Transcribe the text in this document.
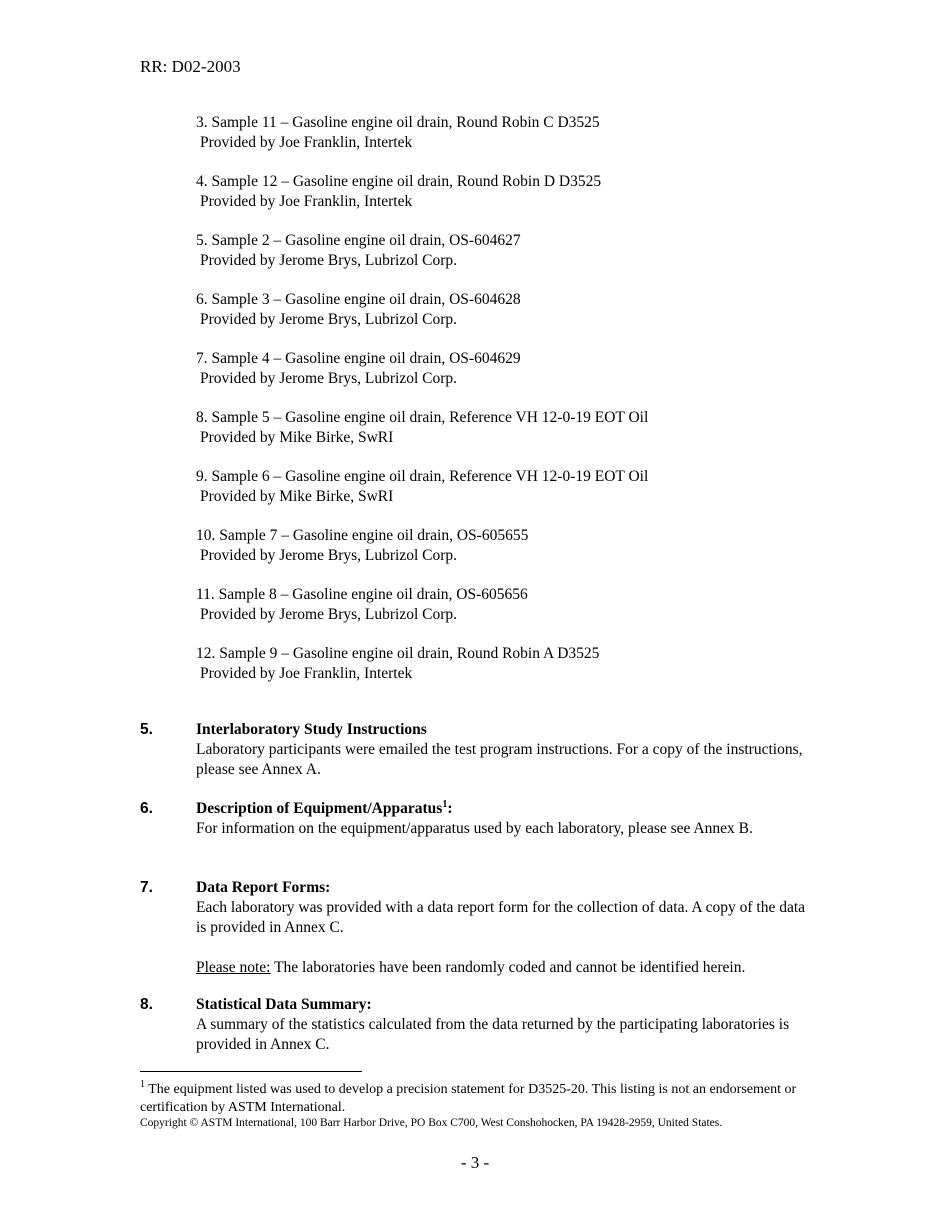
RR: D02-2003
3. Sample 11 – Gasoline engine oil drain, Round Robin C D3525
Provided by Joe Franklin, Intertek
4. Sample 12 – Gasoline engine oil drain, Round Robin D D3525
Provided by Joe Franklin, Intertek
5. Sample 2 – Gasoline engine oil drain, OS-604627
Provided by Jerome Brys, Lubrizol Corp.
6. Sample 3 – Gasoline engine oil drain, OS-604628
Provided by Jerome Brys, Lubrizol Corp.
7. Sample 4 – Gasoline engine oil drain, OS-604629
Provided by Jerome Brys, Lubrizol Corp.
8. Sample 5 – Gasoline engine oil drain, Reference VH 12-0-19 EOT Oil
Provided by Mike Birke, SwRI
9. Sample 6 – Gasoline engine oil drain, Reference VH 12-0-19 EOT Oil
Provided by Mike Birke, SwRI
10. Sample 7 – Gasoline engine oil drain, OS-605655
Provided by Jerome Brys, Lubrizol Corp.
11. Sample 8 – Gasoline engine oil drain, OS-605656
Provided by Jerome Brys, Lubrizol Corp.
12. Sample 9 – Gasoline engine oil drain, Round Robin A D3525
Provided by Joe Franklin, Intertek
5.	Interlaboratory Study Instructions
Laboratory participants were emailed the test program instructions. For a copy of the instructions, please see Annex A.
6.	Description of Equipment/Apparatus$^1$:
For information on the equipment/apparatus used by each laboratory, please see Annex B.
7.	Data Report Forms:
Each laboratory was provided with a data report form for the collection of data. A copy of the data is provided in Annex C.
Please note: The laboratories have been randomly coded and cannot be identified herein.
8.	Statistical Data Summary:
A summary of the statistics calculated from the data returned by the participating laboratories is provided in Annex C.
$^1$ The equipment listed was used to develop a precision statement for D3525-20. This listing is not an endorsement or certification by ASTM International.
Copyright © ASTM International, 100 Barr Harbor Drive, PO Box C700, West Conshohocken, PA 19428-2959, United States.
- 3 -
